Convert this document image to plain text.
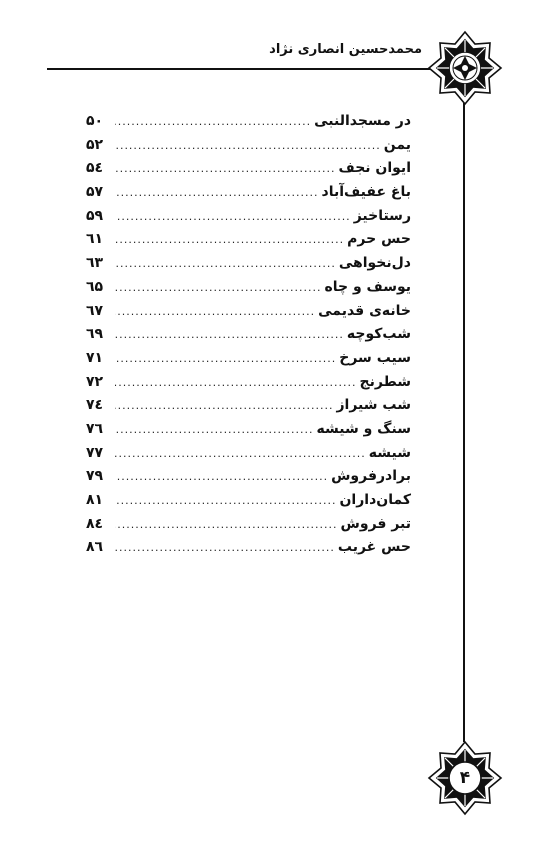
محمدحسین انصاری نژاد
در مسجدالنبی
.....
۵۰
یمن
.....
۵۲
ایوان نجف
.....
۵٤
باغ عفیف‌آباد
.....
۵۷
رستاخیز
.....
۵۹
حس حرم
.....
٦۱
دل‌نخواهی
.....
٦۳
یوسف و چاه
.....
٦۵
خانه‌ی قدیمی
.....
٦۷
شب‌کوچه
.....
٦۹
سیب سرخ
.....
۷۱
شطرنج
.....
۷۲
شب شیراز
.....
۷٤
سنگ و شیشه
.....
۷٦
شیشه
.....
۷۷
برادرفروش
.....
۷۹
کمان‌داران
.....
۸۱
تبر فروش
.....
۸٤
حس غریب
.....
۸٦
۴
